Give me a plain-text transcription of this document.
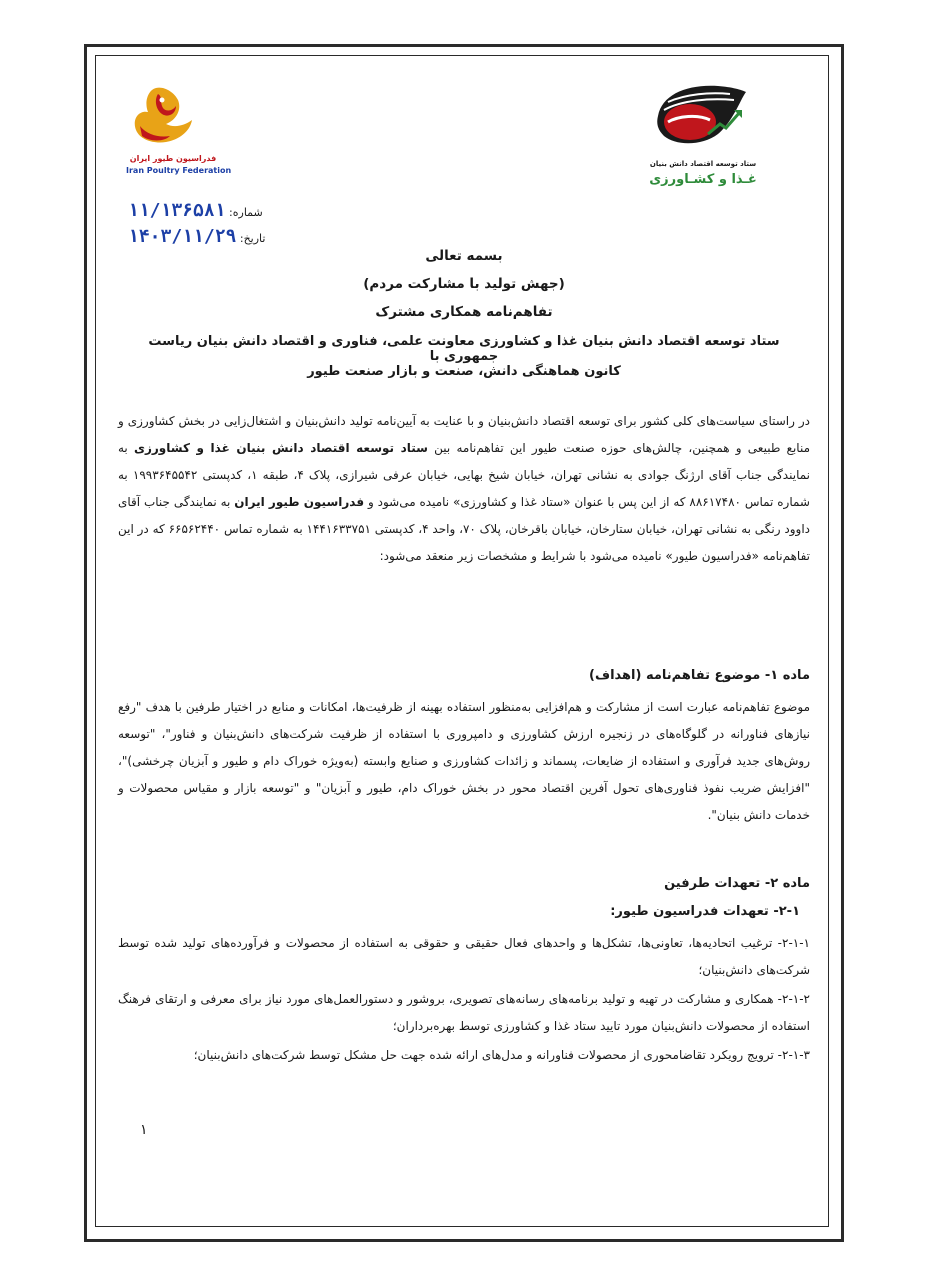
فدراسیون طیور ایران
Iran Poultry Federation
ستاد توسعه اقتصاد دانش بنیان
غـذا و کشـاورزی
شماره: ۱۱/۱۳۶۵۸۱
تاریخ: ۱۴۰۳/۱۱/۲۹
بسمه تعالی
(جهش تولید با مشارکت مردم)
تفاهم‌نامه همکاری مشترک
ستاد توسعه اقتصاد دانش بنیان غذا و کشاورزی معاونت علمی، فناوری و اقتصاد دانش بنیان ریاست جمهوری با
کانون هماهنگی دانش، صنعت و بازار صنعت طیور
در راستای سیاست‌های کلی کشور برای توسعه اقتصاد دانش‌بنیان و با عنایت به آیین‌نامه تولید دانش‌بنیان و اشتغال‌زایی در بخش کشاورزی و منابع طبیعی و همچنین، چالش‌های حوزه صنعت طیور این تفاهم‌نامه بین ستاد توسعه اقتصاد دانش بنیان غذا و کشاورزی به نمایندگی جناب آقای ارژنگ جوادی به نشانی تهران، خیابان شیخ بهایی، خیابان عرفی شیرازی، پلاک ۴، طبقه ۱، کدپستی ۱۹۹۳۶۴۵۵۴۲ به شماره تماس ۸۸۶۱۷۴۸۰ که از این پس با عنوان «ستاد غذا و کشاورزی» نامیده می‌شود و فدراسیون طیور ایران به نمایندگی جناب آقای داوود رنگی به نشانی تهران، خیابان ستارخان، خیابان باقرخان، پلاک ۷۰، واحد ۴، کدپستی ۱۴۴۱۶۳۳۷۵۱ به شماره تماس ۶۶۵۶۲۴۴۰ که در این تفاهم‌نامه «فدراسیون طیور» نامیده می‌شود با شرایط و مشخصات زیر منعقد می‌شود:
ماده ۱- موضوع تفاهم‌نامه (اهداف)
موضوع تفاهم‌نامه عبارت است از مشارکت و هم‌افزایی به‌منظور استفاده بهینه از ظرفیت‌ها، امکانات و منابع در اختیار طرفین با هدف "رفع نیازهای فناورانه در گلوگاه‌های در زنجیره ارزش کشاورزی و دامپروری با استفاده از ظرفیت شرکت‌های دانش‌بنیان و فناور"، "توسعه روش‌های جدید فرآوری و استفاده از ضایعات، پسماند و زائدات کشاورزی و صنایع وابسته (به‌ویژه خوراک دام و طیور و آبزیان چرخشی)"، "افزایش ضریب نفوذ فناوری‌های تحول آفرین اقتصاد محور در بخش خوراک دام، طیور و آبزیان" و "توسعه بازار و مقیاس محصولات و خدمات دانش بنیان".
ماده ۲- تعهدات طرفین
۲-۱- تعهدات فدراسیون طیور:
۲-۱-۱- ترغیب اتحادیه‌ها، تعاونی‌ها، تشکل‌ها و واحدهای فعال حقیقی و حقوقی به استفاده از محصولات و فرآورده‌های تولید شده توسط شرکت‌های دانش‌بنیان؛
۲-۱-۲- همکاری و مشارکت در تهیه و تولید برنامه‌های رسانه‌های تصویری، بروشور و دستورالعمل‌های مورد نیاز برای معرفی و ارتقای فرهنگ استفاده از محصولات دانش‌بنیان مورد تایید ستاد غذا و کشاورزی توسط بهره‌برداران؛
۲-۱-۳- ترویج رویکرد تقاضامحوری از محصولات فناورانه و مدل‌های ارائه شده جهت حل مشکل توسط شرکت‌های دانش‌بنیان؛
۱
